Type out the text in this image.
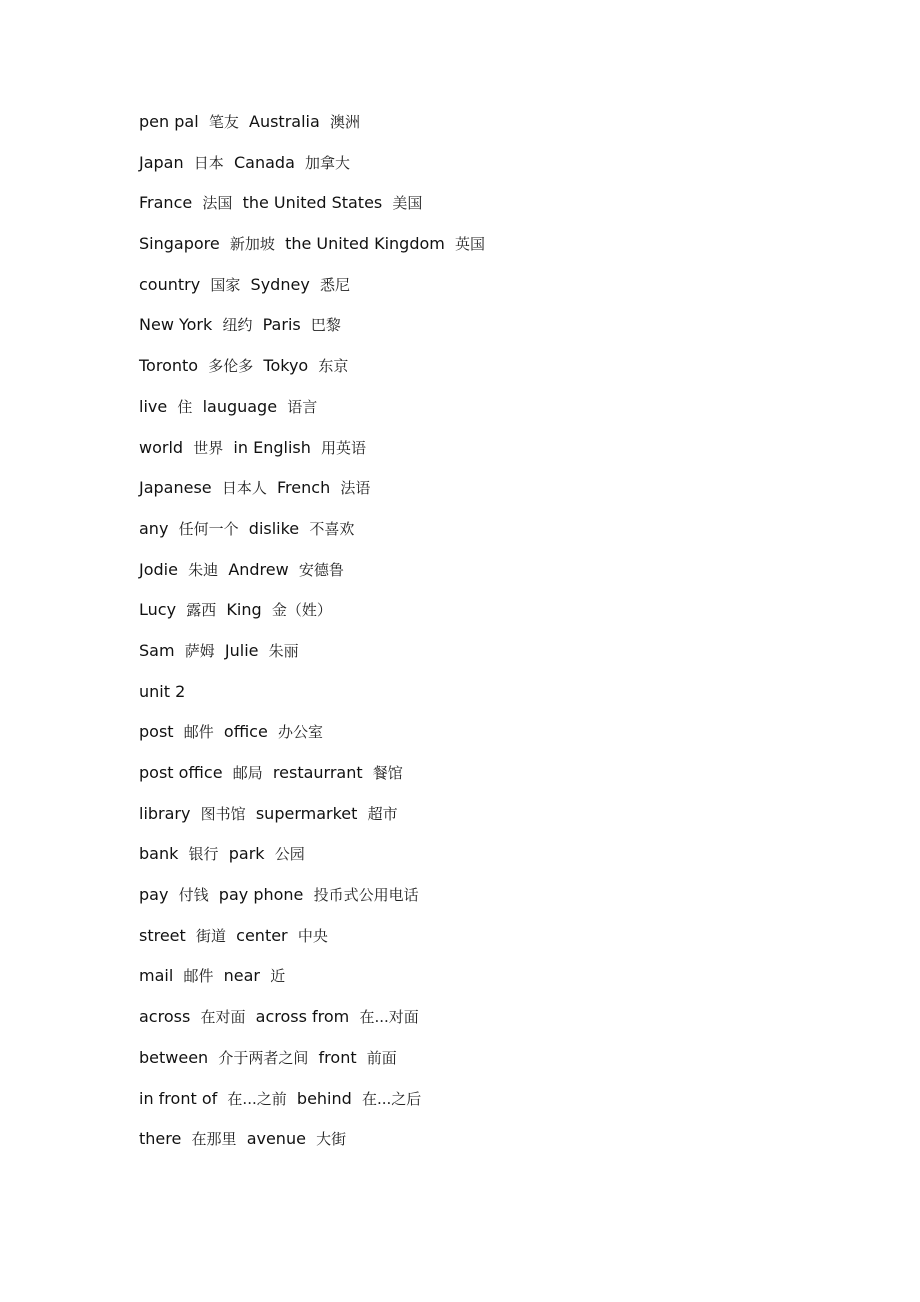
pen pal 笔友 Australia 澳洲
Japan 日本 Canada 加拿大
France 法国 the United States 美国
Singapore 新加坡 the United Kingdom 英国
country 国家 Sydney 悉尼
New York 纽约 Paris 巴黎
Toronto 多伦多 Tokyo 东京
live 住 lauguage 语言
world 世界 in English 用英语
Japanese 日本人 French 法语
any 任何一个 dislike 不喜欢
Jodie 朱迪 Andrew 安德鲁
Lucy 露西 King 金（姓）
Sam 萨姆 Julie 朱丽
unit 2
post 邮件 office 办公室
post office 邮局 restaurrant 餐馆
library 图书馆 supermarket 超市
bank 银行 park 公园
pay 付钱 pay phone 投币式公用电话
street 街道 center 中央
mail 邮件 near 近
across 在对面 across from 在...对面
between 介于两者之间 front 前面
in front of 在...之前 behind 在...之后
there 在那里 avenue 大街
